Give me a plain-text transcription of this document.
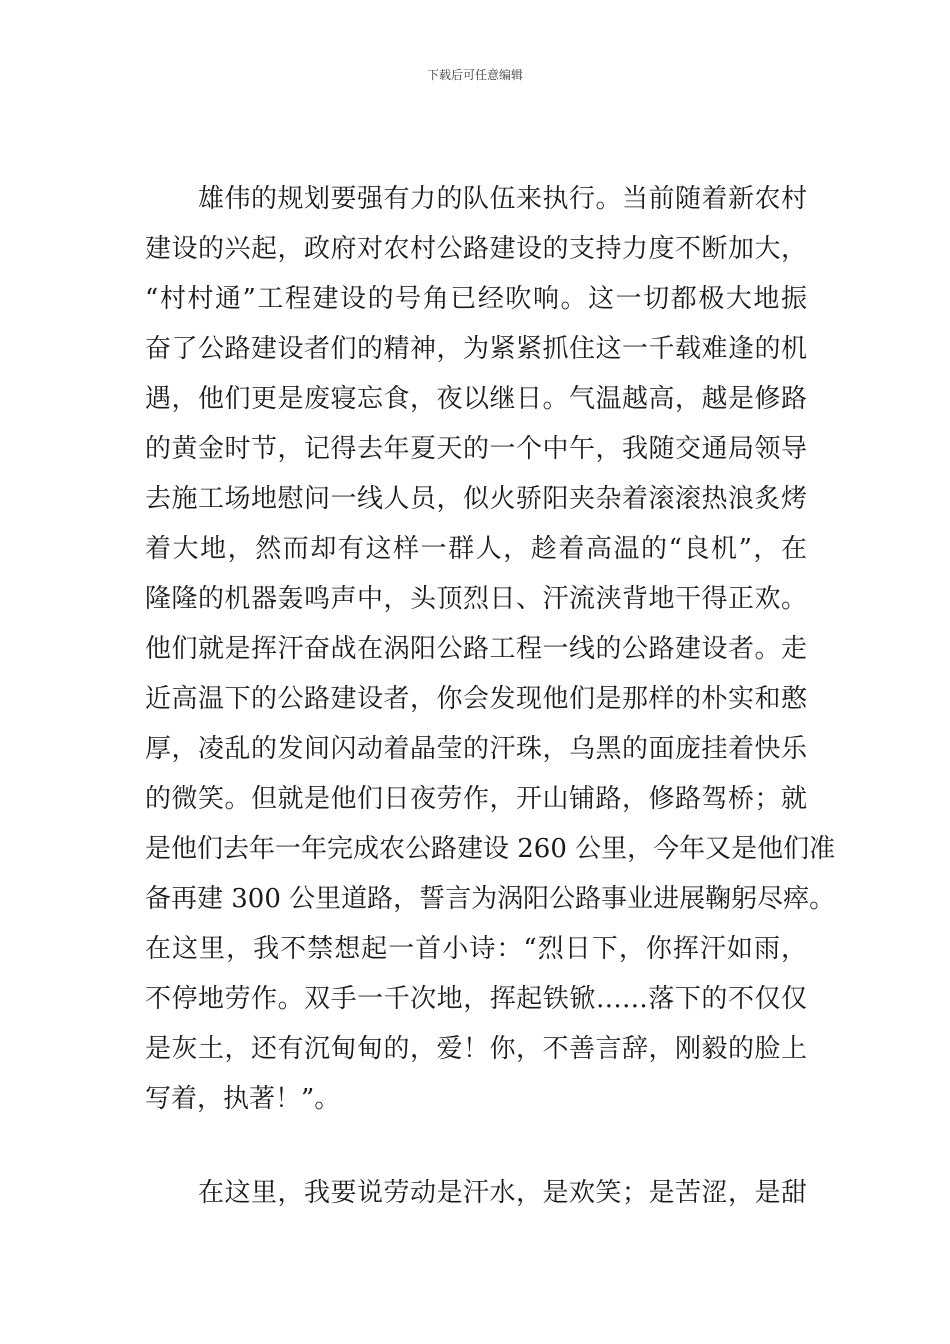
下载后可任意编辑
　　雄伟的规划要强有力的队伍来执行。当前随着新农村
建设的兴起，政府对农村公路建设的支持力度不断加大，
“村村通”工程建设的号角已经吹响。这一切都极大地振
奋了公路建设者们的精神，为紧紧抓住这一千载难逢的机
遇，他们更是废寝忘食，夜以继日。气温越高，越是修路
的黄金时节，记得去年夏天的一个中午，我随交通局领导
去施工场地慰问一线人员，似火骄阳夹杂着滚滚热浪炙烤
着大地，然而却有这样一群人，趁着高温的“良机”，在
隆隆的机器轰鸣声中，头顶烈日、汗流浃背地干得正欢。
他们就是挥汗奋战在涡阳公路工程一线的公路建设者。走
近高温下的公路建设者，你会发现他们是那样的朴实和憨
厚，凌乱的发间闪动着晶莹的汗珠，乌黑的面庞挂着快乐
的微笑。但就是他们日夜劳作，开山铺路，修路驾桥；就
是他们去年一年完成农公路建设 260 公里，今年又是他们准
备再建 300 公里道路，誓言为涡阳公路事业进展鞠躬尽瘁。
在这里，我不禁想起一首小诗：“烈日下，你挥汗如雨，
不停地劳作。双手一千次地，挥起铁锨……落下的不仅仅
是灰土，还有沉甸甸的，爱！你，不善言辞，刚毅的脸上
写着，执著！”。
　　在这里，我要说劳动是汗水，是欢笑；是苦涩，是甜
